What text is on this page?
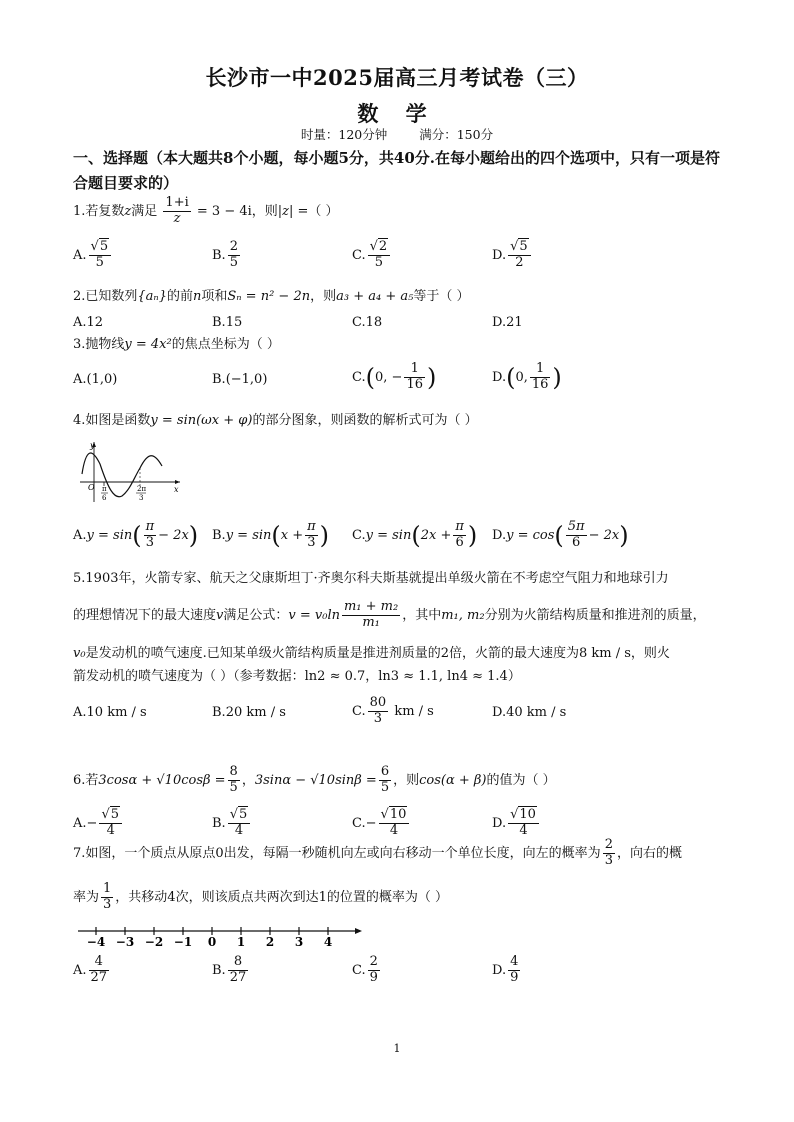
长沙市一中2025届高三月考试卷（三）
数 学
时量：120分钟	满分：150分
一、选择题（本大题共8个小题，每小题5分，共40分.在每小题给出的四个选项中，只有一项是符合题目要求的）
1.若复数z满足 $\frac{1+i}{z} = 3 - 4i$，则|z| =（ ）
A. $\frac{√5}{5}$	B. $\frac{2}{5}$	C. $\frac{√2}{5}$	D. $\frac{√5}{2}$
2.已知数列{aₙ}的前n项和Sₙ = n² − 2n，则a₃ + a₄ + a₅等于（ ）
A.12	B.15	C.18	D.21
3.抛物线y = 4x²的焦点坐标为（ ）
A.(1,0)	B.(−1,0)	C.(0, − $\frac{1}{16}$ )	D.(0, $\frac{1}{16}$ )
4.如图是函数y = sin(ωx + φ)的部分图象，则函数的解析式可为（ ）
y
x
O π
6
2π
3
$A.y = \sin( \frac{\pi}{3} - 2x)$ $B.y = \sin(x + \frac{\pi}{3}$ ) $C.y = \sin(2x + \frac{\pi}{6}$ ) $D.y = \cos( \frac{5\pi}{6} - 2x)$
5.1903年，火箭专家、航天之父康斯坦丁·齐奥尔科夫斯基就提出单级火箭在不考虑空气阻力和地球引力
的理想情况下的最大速度v满足公式：$v = v_0\ln \frac{\text{m₁ + m₂}}{\text{m₁}}$ ，其中m₁, m₂分别为火箭结构质量和推进剂的质量，
v₀是发动机的喷气速度.已知某单级火箭结构质量是推进剂质量的2倍，火箭的最大速度为8 km / s，则火
箭发动机的喷气速度为（ ）（参考数据：ln2 ≈ 0.7，ln3 ≈ 1.1, ln4 ≈ 1.4）
A.10 km / s	B.20 km / s	C. $\frac{80}{3}$ km / s	D.40 km / s
6.若$3\cos\alpha + √10\cos\beta = \frac{8}{5}$ ，$3\sin\alpha - √10\sin\beta = \frac{6}{5}$ ，则cos(α + β)的值为（ ）
$A.- \frac{√5}{4}$	B. $\frac{√5}{4}$	$C.- \frac{√10}{4}$	D. $\frac{√10}{4}$
7.如图，一个质点从原点0出发，每隔一秒随机向左或向右移动一个单位长度，向左的概率为 $\frac{2}{3}$ ，向右的概
率为 $\frac{1}{3}$ ，共移动4次，则该质点共两次到达1的位置的概率为（ ）
−4 −3 −2 −1 0 1 2 3 4
A. $\frac{4}{27}$	B. $\frac{8}{27}$	C. $\frac{2}{9}$	D. $\frac{4}{9}$
1
